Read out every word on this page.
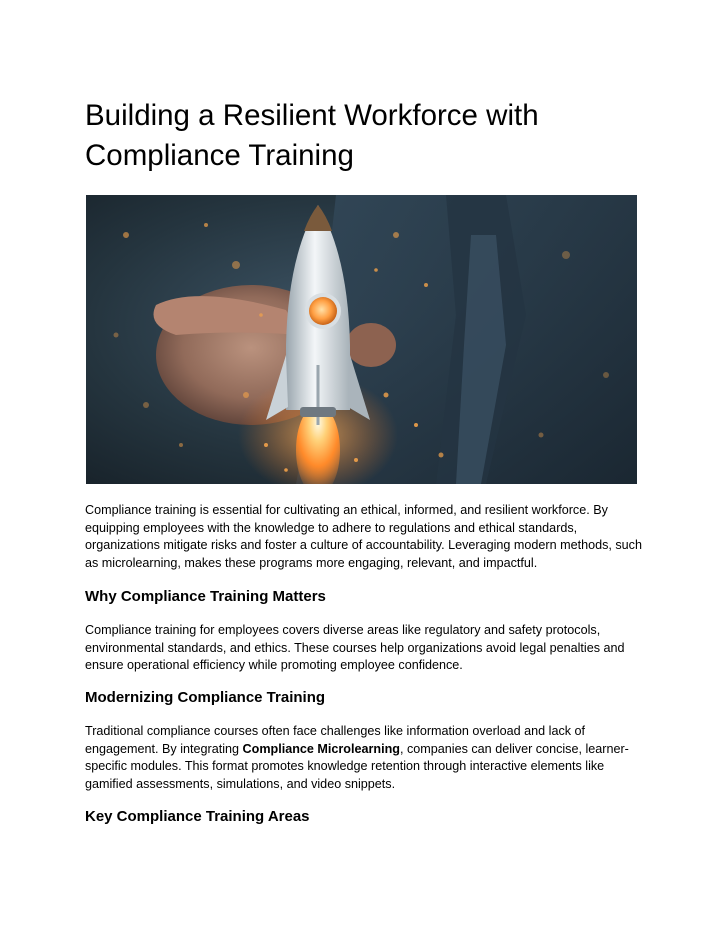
Building a Resilient Workforce with Compliance Training

Compliance training is essential for cultivating an ethical, informed, and resilient workforce. By equipping employees with the knowledge to adhere to regulations and ethical standards, organizations mitigate risks and foster a culture of accountability. Leveraging modern methods, such as microlearning, makes these programs more engaging, relevant, and impactful.

Why Compliance Training Matters

Compliance training for employees covers diverse areas like regulatory and safety protocols, environmental standards, and ethics. These courses help organizations avoid legal penalties and ensure operational efficiency while promoting employee confidence.

Modernizing Compliance Training

Traditional compliance courses often face challenges like information overload and lack of engagement. By integrating Compliance Microlearning, companies can deliver concise, learner-specific modules. This format promotes knowledge retention through interactive elements like gamified assessments, simulations, and video snippets.

Key Compliance Training Areas
